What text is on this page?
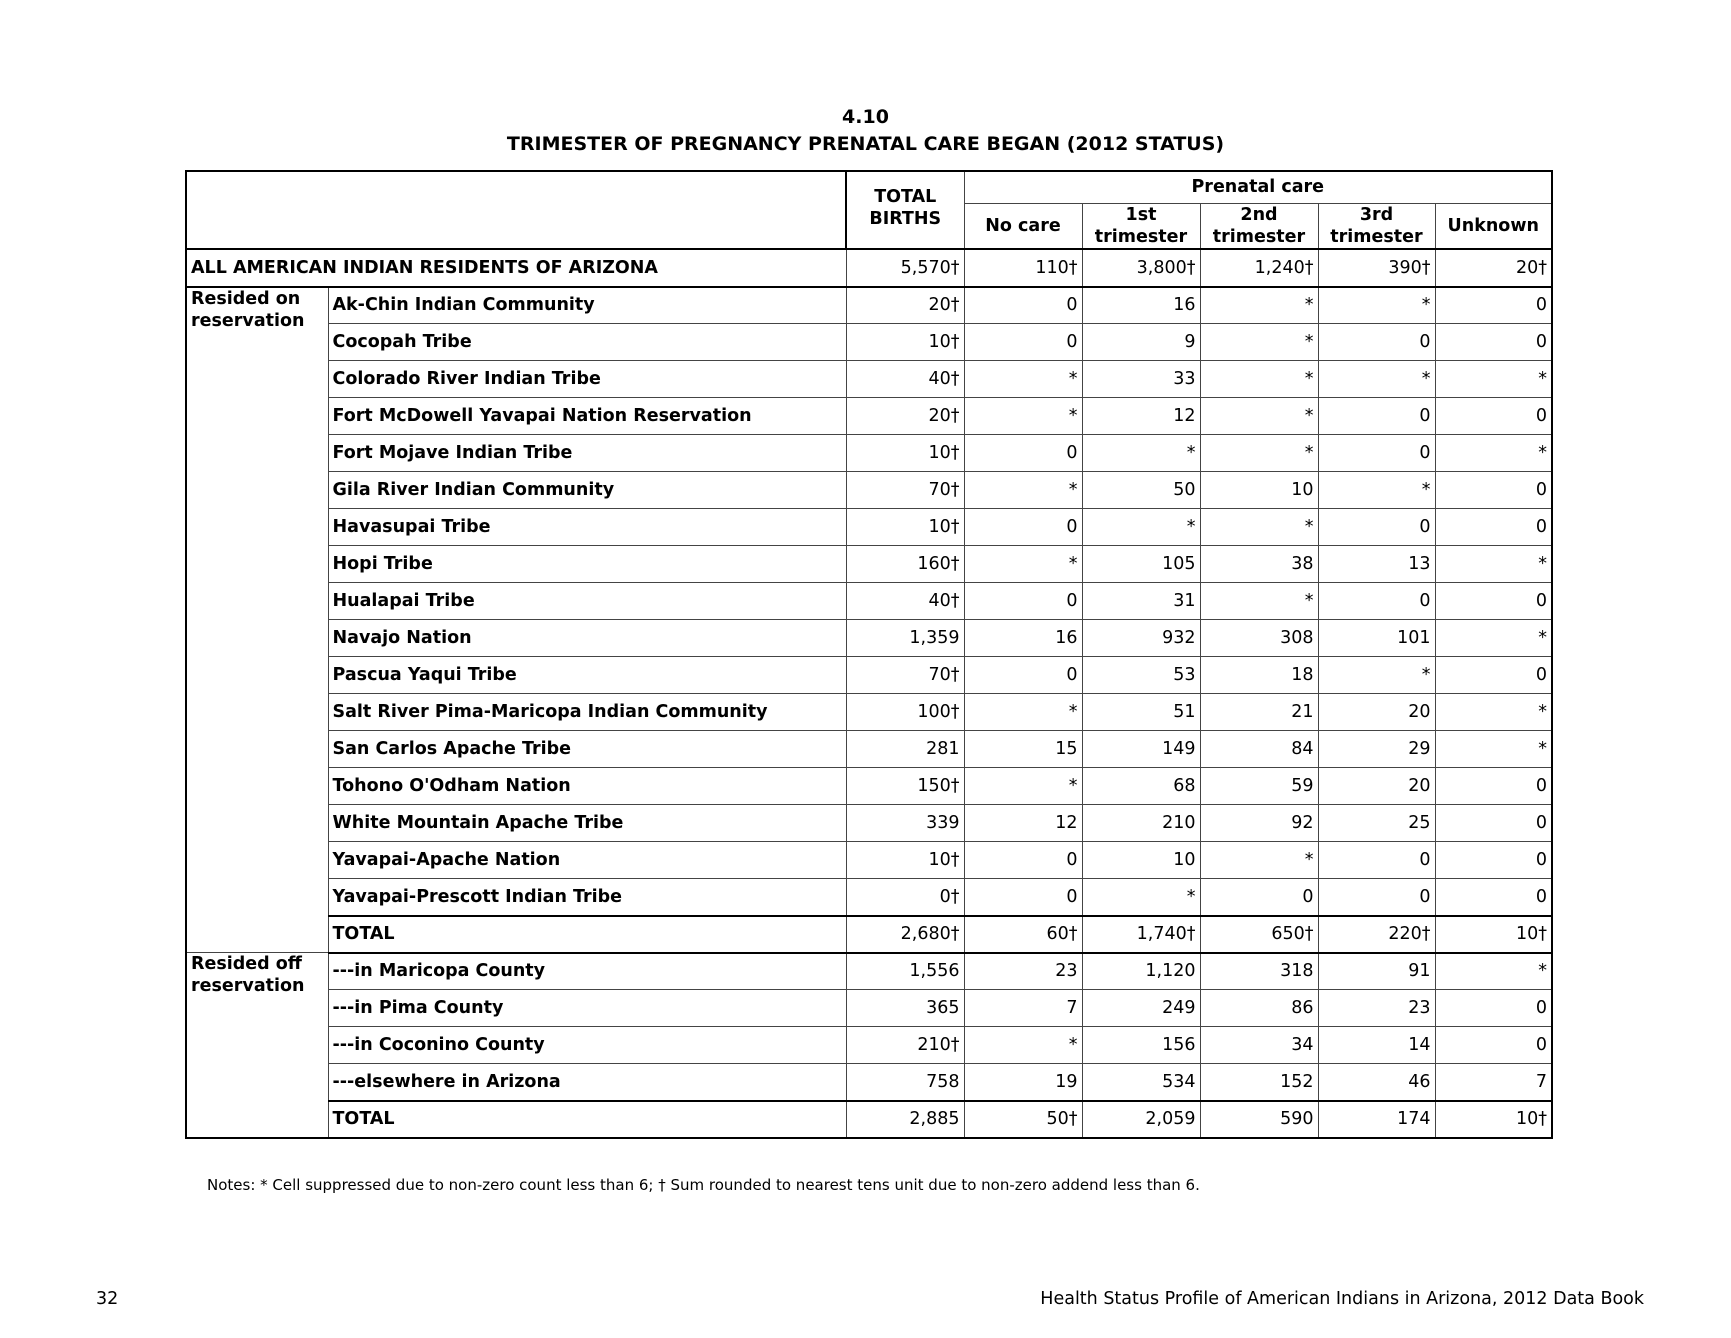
4.10
TRIMESTER OF PREGNANCY PRENATAL CARE BEGAN (2012 STATUS)
		TOTAL BIRTHS	Prenatal care				
			No care	1st trimester	2nd trimester	3rd trimester	Unknown
ALL AMERICAN INDIAN RESIDENTS OF ARIZONA		5,570†	110†	3,800†	1,240†	390†	20†
Resided on reservation	Ak-Chin Indian Community	20†	0	16	*	*	0
	Cocopah Tribe	10†	0	9	*	0	0
	Colorado River Indian Tribe	40†	*	33	*	*	*
	Fort McDowell Yavapai Nation Reservation	20†	*	12	*	0	0
	Fort Mojave Indian Tribe	10†	0	*	*	0	*
	Gila River Indian Community	70†	*	50	10	*	0
	Havasupai Tribe	10†	0	*	*	0	0
	Hopi Tribe	160†	*	105	38	13	*
	Hualapai Tribe	40†	0	31	*	0	0
	Navajo Nation	1,359	16	932	308	101	*
	Pascua Yaqui Tribe	70†	0	53	18	*	0
	Salt River Pima-Maricopa Indian Community	100†	*	51	21	20	*
	San Carlos Apache Tribe	281	15	149	84	29	*
	Tohono O'Odham Nation	150†	*	68	59	20	0
	White Mountain Apache Tribe	339	12	210	92	25	0
	Yavapai-Apache Nation	10†	0	10	*	0	0
	Yavapai-Prescott Indian Tribe	0†	0	*	0	0	0
	TOTAL	2,680†	60†	1,740†	650†	220†	10†
Resided off reservation	---in Maricopa County	1,556	23	1,120	318	91	*
	---in Pima County	365	7	249	86	23	0
	---in Coconino County	210†	*	156	34	14	0
	---elsewhere in Arizona	758	19	534	152	46	7
	TOTAL	2,885	50†	2,059	590	174	10†
Notes: * Cell suppressed due to non-zero count less than 6; † Sum rounded to nearest tens unit due to non-zero addend less than 6.
32	Health Status Profile of American Indians in Arizona, 2012 Data Book
